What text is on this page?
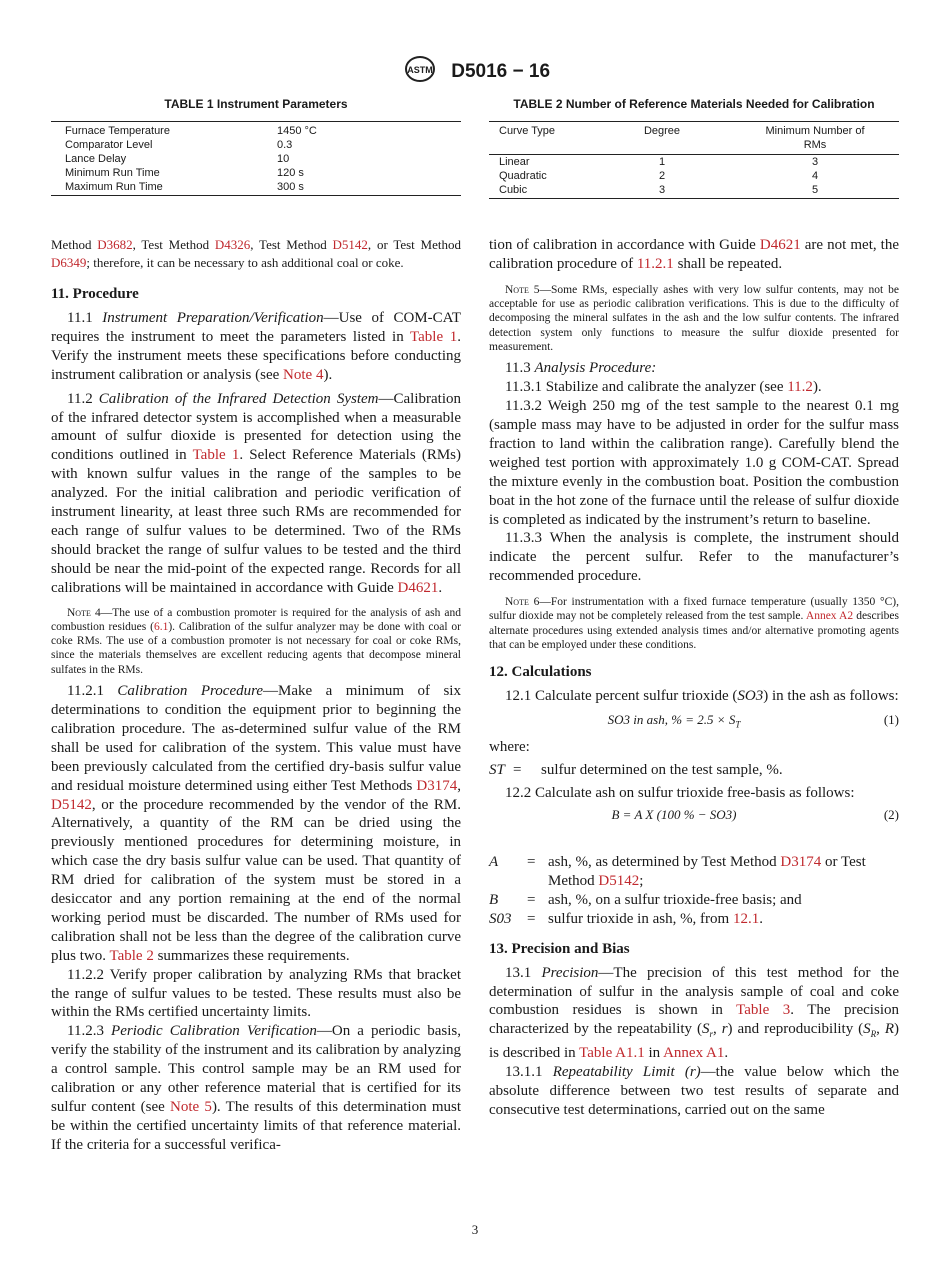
ASTM D5016 − 16

TABLE 1 Instrument Parameters

Furnace Temperature	1450 °C
Comparator Level	0.3
Lance Delay	10
Minimum Run Time	120 s
Maximum Run Time	300 s

Method D3682, Test Method D4326, Test Method D5142, or Test Method D6349; therefore, it can be necessary to ash additional coal or coke.

11. Procedure

11.1 Instrument Preparation/Verification—Use of COM-CAT requires the instrument to meet the parameters listed in Table 1. Verify the instrument meets these specifications before conducting instrument calibration or analysis (see Note 4).

11.2 Calibration of the Infrared Detection System—Calibration of the infrared detector system is accomplished when a measurable amount of sulfur dioxide is presented for detection using the conditions outlined in Table 1. Select Reference Materials (RMs) with known sulfur values in the range of the samples to be analyzed. For the initial calibration and periodic verification of instrument linearity, at least three such RMs are recommended for each range of sulfur values to be determined. Two of the RMs should bracket the range of sulfur values to be tested and the third should be near the mid-point of the expected range. Records for all calibrations will be maintained in accordance with Guide D4621.

Note 4—The use of a combustion promoter is required for the analysis of ash and combustion residues (6.1). Calibration of the sulfur analyzer may be done with coal or coke RMs. The use of a combustion promoter is not necessary for coal or coke RMs, since the materials themselves are excellent reducing agents that decompose mineral sulfates in the RMs.

11.2.1 Calibration Procedure—Make a minimum of six determinations to condition the equipment prior to beginning the calibration procedure. The as-determined sulfur value of the RM shall be used for calibration of the system. This value must have been previously calculated from the certified dry-basis sulfur value and residual moisture determined using either Test Methods D3174, D5142, or the procedure recommended by the vendor of the RM. Alternatively, a quantity of the RM can be dried using the previously mentioned procedures for determining moisture, in which case the dry basis sulfur value can be used. That quantity of RM dried for calibration of the system must be stored in a desiccator and any portion remaining at the end of the normal working period must be discarded. The number of RMs used for calibration shall not be less than the degree of the calibration curve plus two. Table 2 summarizes these requirements.

11.2.2 Verify proper calibration by analyzing RMs that bracket the range of sulfur values to be tested. These results must also be within the RMs certified uncertainty limits.

11.2.3 Periodic Calibration Verification—On a periodic basis, verify the stability of the instrument and its calibration by analyzing a control sample. This control sample may be an RM used for calibration or any other reference material that is certified for its sulfur content (see Note 5). The results of this determination must be within the certified uncertainty limits of that reference material. If the criteria for a successful verifica-

TABLE 2 Number of Reference Materials Needed for Calibration

Curve Type	Degree	Minimum Number of RMs
Linear	1	3
Quadratic	2	4
Cubic	3	5

tion of calibration in accordance with Guide D4621 are not met, the calibration procedure of 11.2.1 shall be repeated.

Note 5—Some RMs, especially ashes with very low sulfur contents, may not be acceptable for use as periodic calibration verifications. This is due to the difficulty of decomposing the mineral sulfates in the ash and the low sulfur contents. The infrared detection system only functions to measure the sulfur dioxide presented for measurement.

11.3 Analysis Procedure:

11.3.1 Stabilize and calibrate the analyzer (see 11.2).

11.3.2 Weigh 250 mg of the test sample to the nearest 0.1 mg (sample mass may have to be adjusted in order for the sulfur mass fraction to land within the calibration range). Carefully blend the weighed test portion with approximately 1.0 g COM-CAT. Spread the mixture evenly in the combustion boat. Position the combustion boat in the hot zone of the furnace until the release of sulfur dioxide is completed as indicated by the instrument’s return to baseline.

11.3.3 When the analysis is complete, the instrument should indicate the percent sulfur. Refer to the manufacturer’s recommended procedure.

Note 6—For instrumentation with a fixed furnace temperature (usually 1350 °C), sulfur dioxide may not be completely released from the test sample. Annex A2 describes alternate procedures using extended analysis times and/or alternative promoting agents that can be employed under these conditions.

12. Calculations

12.1 Calculate percent sulfur trioxide (SO3) in the ash as follows:

SO3 in ash, % = $2.5 \times S_T$	(1)

where:

ST = sulfur determined on the test sample, %.

12.2 Calculate ash on sulfur trioxide free-basis as follows:

B = A X (100 % − SO3)	(2)
A = ash, %, as determined by Test Method D3174 or Test Method D5142;
B = ash, %, on a sulfur trioxide-free basis; and
S03 = sulfur trioxide in ash, %, from 12.1.
13. Precision and Bias

13.1 Precision—The precision of this test method for the determination of sulfur in the analysis sample of coal and coke combustion residues is shown in Table 3. The precision characterized by the repeatability ($S_r$, r) and reproducibility ($S_R$, R) is described in Table A1.1 in Annex A1.

13.1.1 Repeatability Limit (r)—the value below which the absolute difference between two test results of separate and consecutive test determinations, carried out on the same

3
